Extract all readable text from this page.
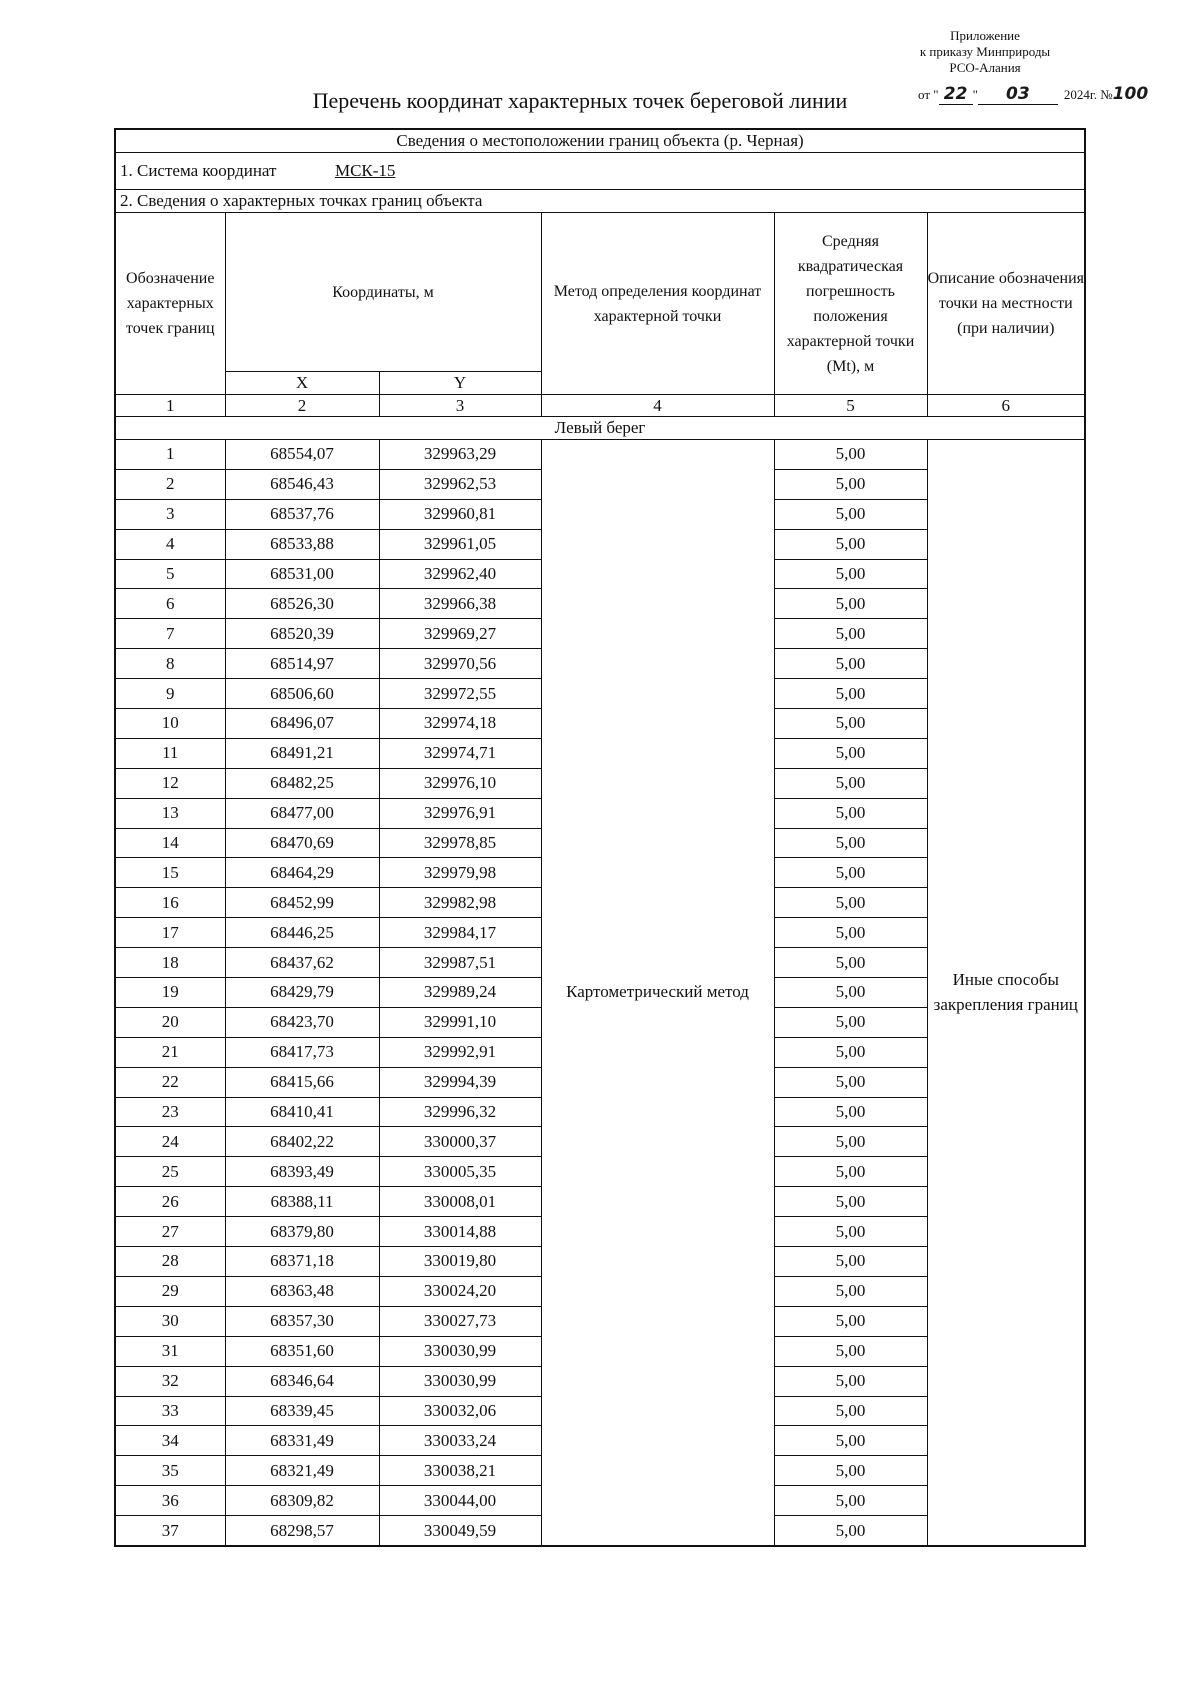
Приложение
к приказу Минприроды
РСО-Алания
от " 22 " 03	2024г. №100
Перечень координат характерных точек береговой линии
Сведения о местоположении границ объекта (р. Черная)					
1. Система координат МСК-15					
2. Сведения о характерных точках границ объекта					
Обозначение характерных точек границ	Координаты, м		Метод определения координат характерной точки	Средняя квадратическая погрешность положения характерной точки (Mt), м	Описание обозначения точки на местности (при наличии)
	X	Y			
1	2	3	4	5	6
Левый берег					
1	68554,07	329963,29	Картометрический метод	5,00	Иные способы закрепления границ
2	68546,43	329962,53		5,00	
3	68537,76	329960,81		5,00	
4	68533,88	329961,05		5,00	
5	68531,00	329962,40		5,00	
6	68526,30	329966,38		5,00	
7	68520,39	329969,27		5,00	
8	68514,97	329970,56		5,00	
9	68506,60	329972,55		5,00	
10	68496,07	329974,18		5,00	
11	68491,21	329974,71		5,00	
12	68482,25	329976,10		5,00	
13	68477,00	329976,91		5,00	
14	68470,69	329978,85		5,00	
15	68464,29	329979,98		5,00	
16	68452,99	329982,98		5,00	
17	68446,25	329984,17		5,00	
18	68437,62	329987,51		5,00	
19	68429,79	329989,24		5,00	
20	68423,70	329991,10		5,00	
21	68417,73	329992,91		5,00	
22	68415,66	329994,39		5,00	
23	68410,41	329996,32		5,00	
24	68402,22	330000,37		5,00	
25	68393,49	330005,35		5,00	
26	68388,11	330008,01		5,00	
27	68379,80	330014,88		5,00	
28	68371,18	330019,80		5,00	
29	68363,48	330024,20		5,00	
30	68357,30	330027,73		5,00	
31	68351,60	330030,99		5,00	
32	68346,64	330030,99		5,00	
33	68339,45	330032,06		5,00	
34	68331,49	330033,24		5,00	
35	68321,49	330038,21		5,00	
36	68309,82	330044,00		5,00	
37	68298,57	330049,59		5,00	
